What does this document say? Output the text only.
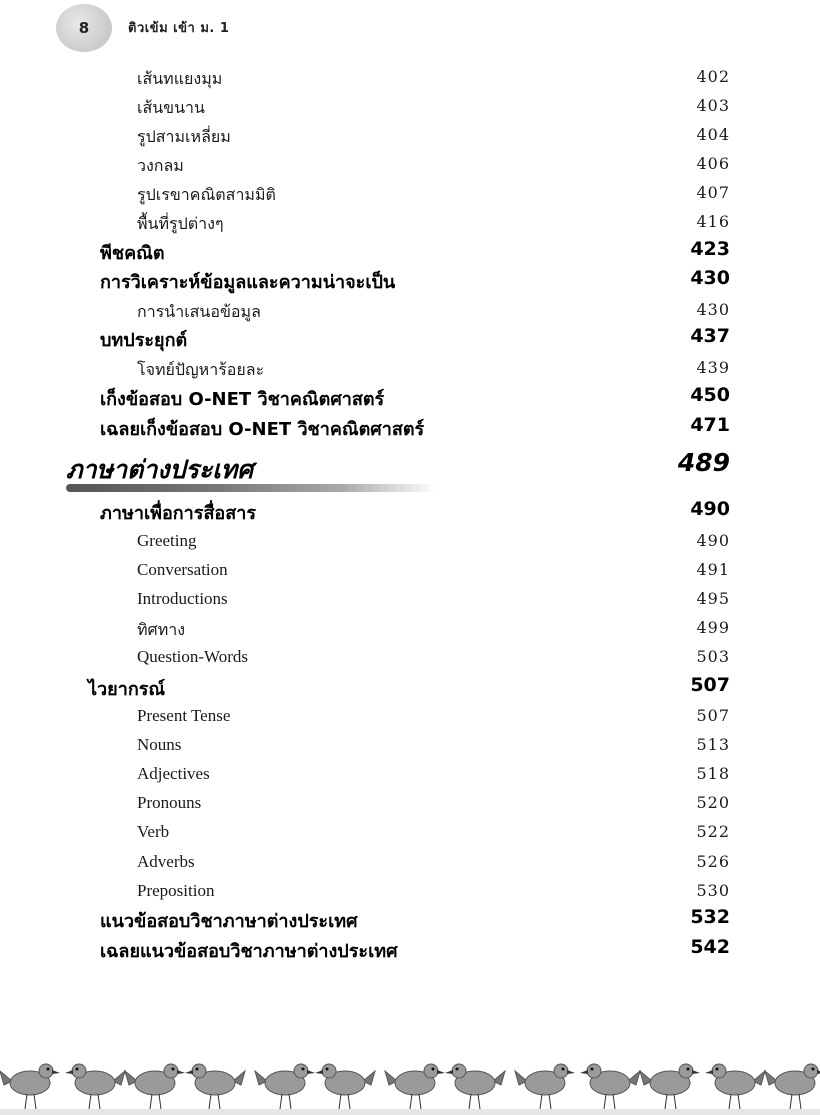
8	ติวเข้ม เข้า ม. 1
เส้นทแยงมุม	402
เส้นขนาน	403
รูปสามเหลี่ยม	404
วงกลม	406
รูปเรขาคณิตสามมิติ	407
พื้นที่รูปต่างๆ	416
พีชคณิต	423
การวิเคราะห์ข้อมูลและความน่าจะเป็น	430
การนำเสนอข้อมูล	430
บทประยุกต์	437
โจทย์ปัญหาร้อยละ	439
เก็งข้อสอบ O-NET วิชาคณิตศาสตร์	450
เฉลยเก็งข้อสอบ O-NET วิชาคณิตศาสตร์	471
ภาษาต่างประเทศ	489
ภาษาเพื่อการสื่อสาร	490
Greeting	490
Conversation	491
Introductions	495
ทิศทาง	499
Question-Words	503
ไวยากรณ์	507
Present Tense	507
Nouns	513
Adjectives	518
Pronouns	520
Verb	522
Adverbs	526
Preposition	530
แนวข้อสอบวิชาภาษาต่างประเทศ	532
เฉลยแนวข้อสอบวิชาภาษาต่างประเทศ	542
